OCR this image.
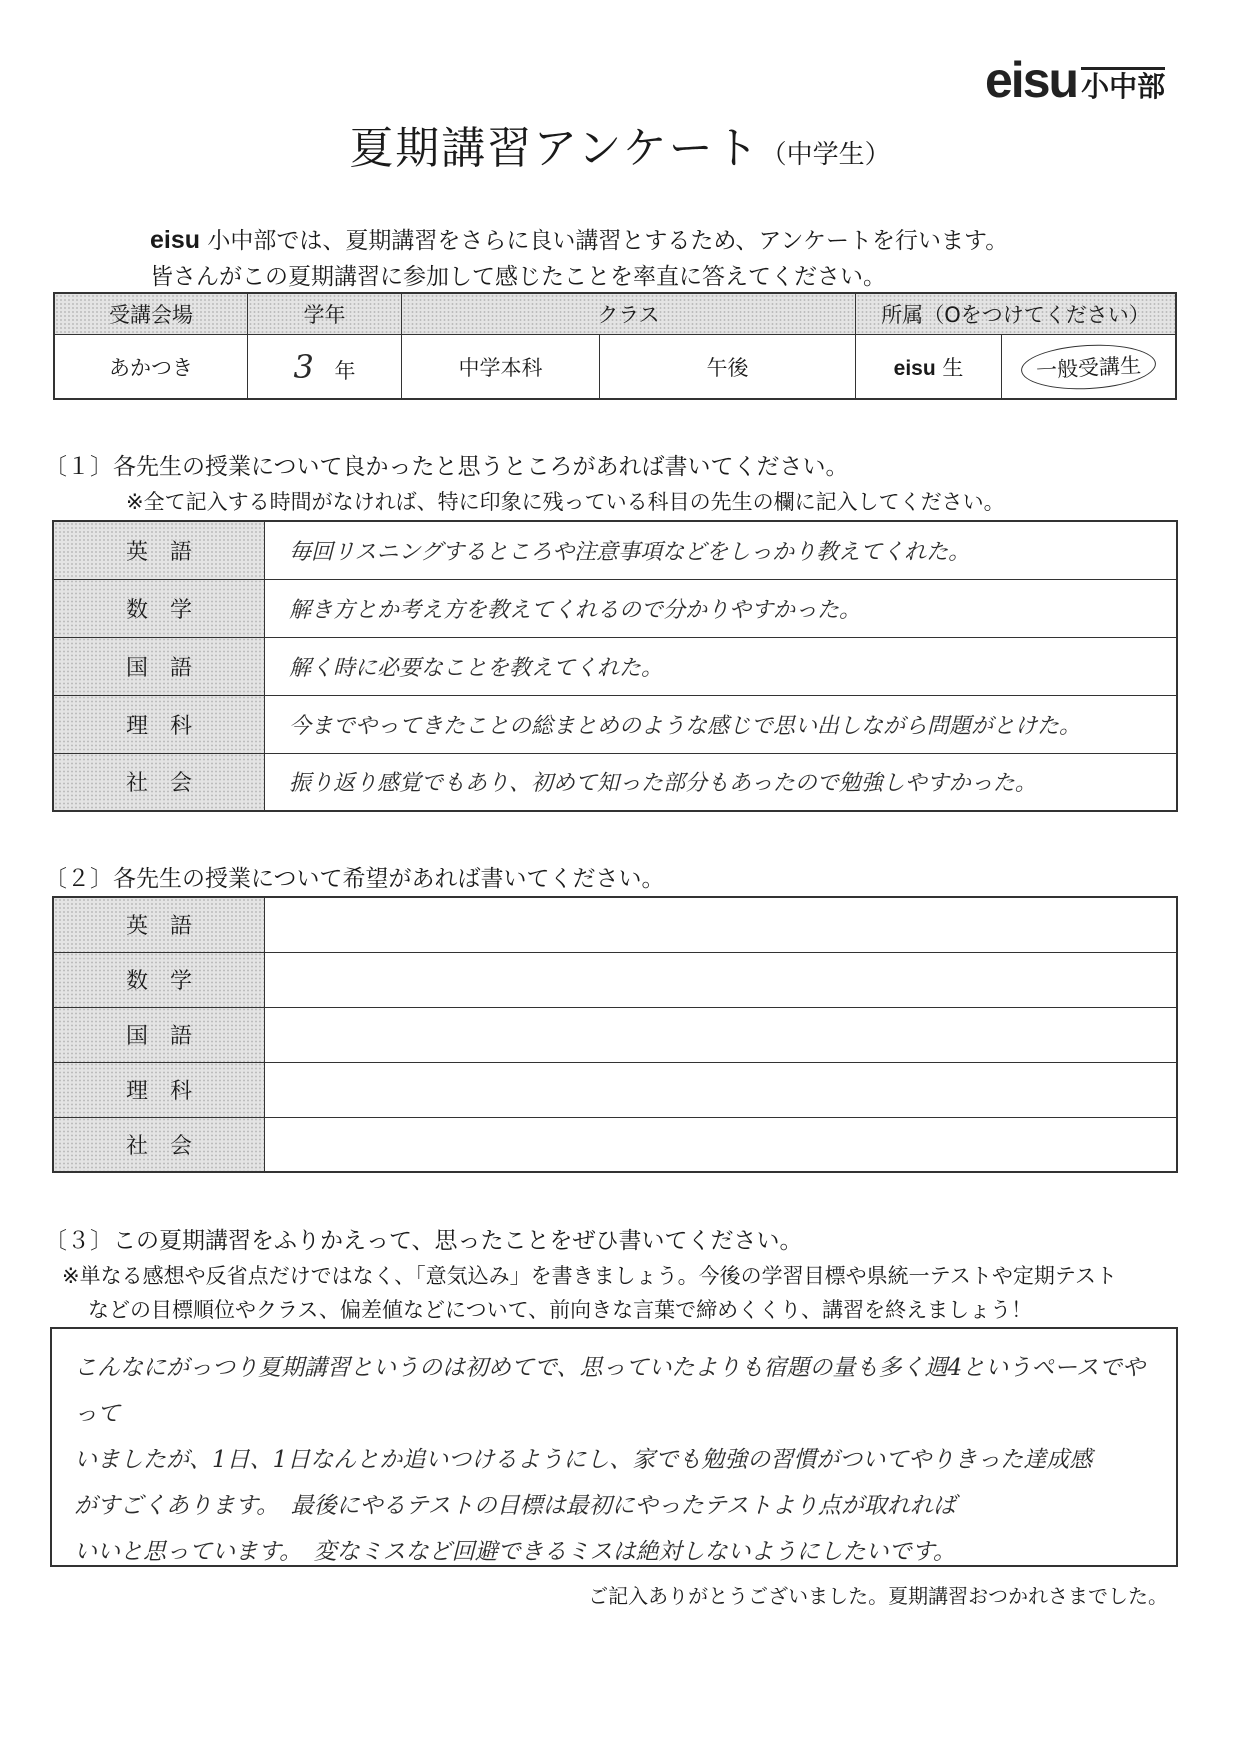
eisu 小中部
夏期講習アンケート（中学生）
eisu 小中部では、夏期講習をさらに良い講習とするため、アンケートを行います。
皆さんがこの夏期講習に参加して感じたことを率直に答えてください。
受講会場	学年	クラス		所属（Oをつけてください）	
あかつき	3 年	中学本科	午後	eisu 生	一般受講生
〔１〕各先生の授業について良かったと思うところがあれば書いてください。
※全て記入する時間がなければ、特に印象に残っている科目の先生の欄に記入してください。
英語	毎回リスニングするところや注意事項などをしっかり教えてくれた。
数学	解き方とか考え方を教えてくれるので分かりやすかった。
国語	解く時に必要なことを教えてくれた。
理科	今までやってきたことの総まとめのような感じで思い出しながら問題がとけた。
社会	振り返り感覚でもあり、初めて知った部分もあったので勉強しやすかった。
〔２〕各先生の授業について希望があれば書いてください。
英語	
数学	
国語	
理科	
社会	
〔３〕この夏期講習をふりかえって、思ったことをぜひ書いてください。
※単なる感想や反省点だけではなく、「意気込み」を書きましょう。今後の学習目標や県統一テストや定期テスト
などの目標順位やクラス、偏差値などについて、前向きな言葉で締めくくり、講習を終えましょう！

こんなにがっつり夏期講習というのは初めてで、思っていたよりも宿題の量も多く週4というペースでやって

いましたが、1日、1日なんとか追いつけるようにし、家でも勉強の習慣がついてやりきった達成感

がすごくあります。　最後にやるテストの目標は最初にやったテストより点が取れれば

いいと思っています。　変なミスなど回避できるミスは絶対しないようにしたいです。

ご記入ありがとうございました。夏期講習おつかれさまでした。
